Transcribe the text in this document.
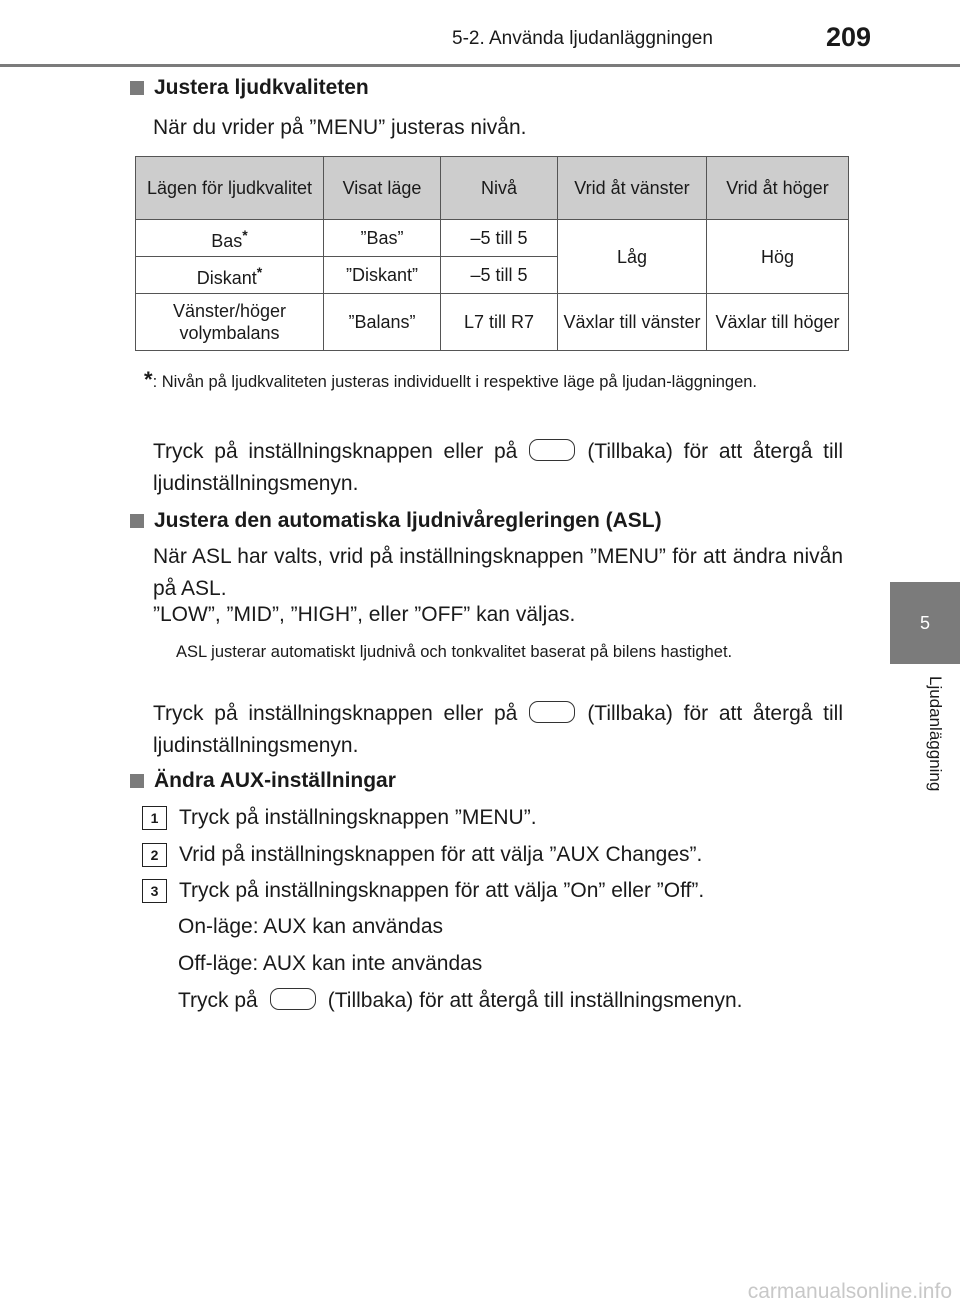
5-2. Använda ljudanläggningen	209
5
Ljudanläggning
Justera ljudkvaliteten
När du vrider på ”MENU” justeras nivån.
Lägen för ljudkvalitet	Visat läge	Nivå	Vrid åt vänster	Vrid åt höger
Bas*	”Bas”	–5 till 5	Låg	Hög
Diskant*	”Diskant”	–5 till 5		
Vänster/höger volymbalans	”Balans”	L7 till R7	Växlar till vänster	Växlar till höger
*: Nivån på ljudkvaliteten justeras individuellt i respektive läge på ljudan-läggningen.
Tryck på inställningsknappen eller på	(Tillbaka) för att återgå till ljudinställningsmenyn.
Justera den automatiska ljudnivåregleringen (ASL)
När ASL har valts, vrid på inställningsknappen ”MENU” för att ändra nivån på ASL.
”LOW”, ”MID”, ”HIGH”, eller ”OFF” kan väljas.
ASL justerar automatiskt ljudnivå och tonkvalitet baserat på bilens hastighet.
Tryck på inställningsknappen eller på	(Tillbaka) för att återgå till ljudinställningsmenyn.
Ändra AUX-inställningar
1 Tryck på inställningsknappen ”MENU”.
2 Vrid på inställningsknappen för att välja ”AUX Changes”.
3 Tryck på inställningsknappen för att välja ”On” eller ”Off”.
On-läge: AUX kan användas
Off-läge: AUX kan inte användas
Tryck på	(Tillbaka) för att återgå till inställningsmenyn.
carmanualsonline.info
